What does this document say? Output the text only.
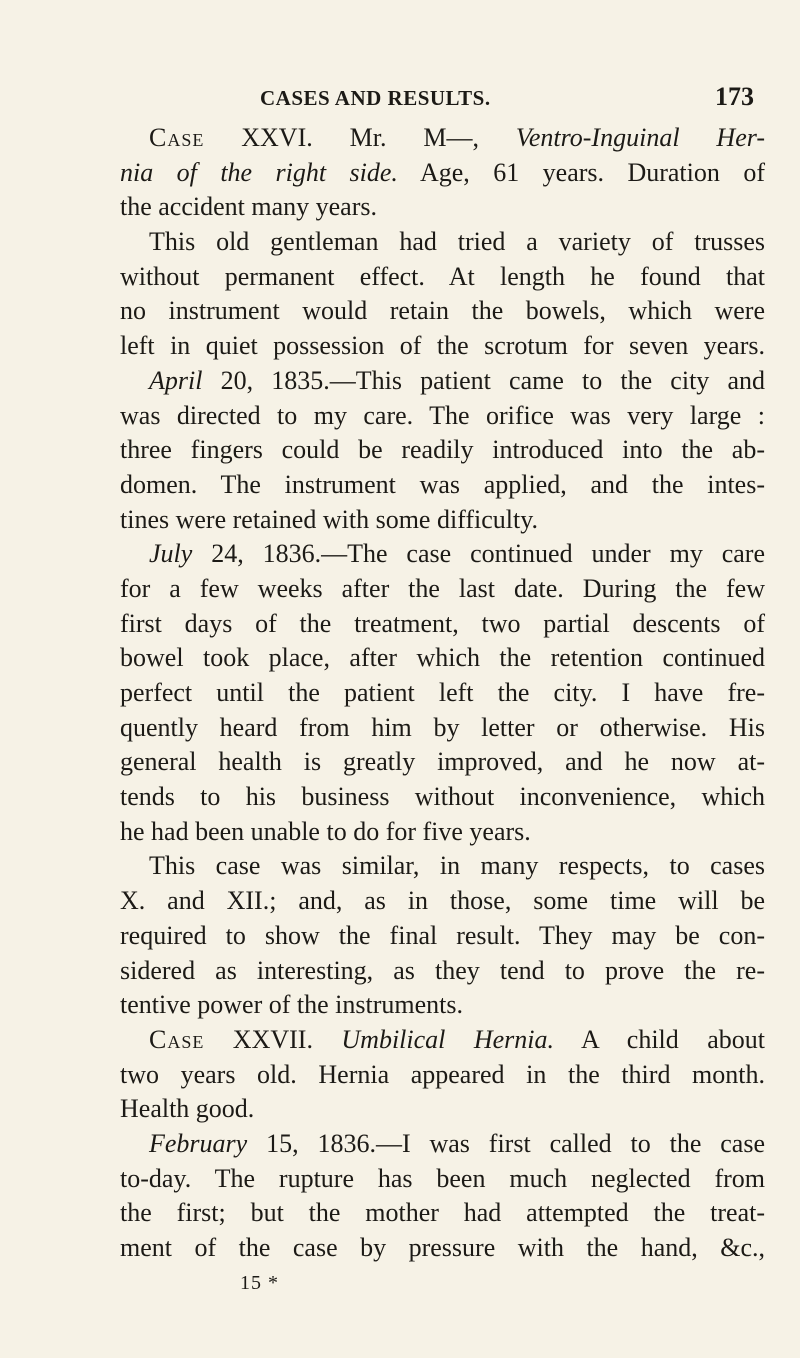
CASES AND RESULTS.	173
Case XXVI. Mr. M—, Ventro-Inguinal Her-
nia of the right side. Age, 61 years. Duration of
the accident many years.
This old gentleman had tried a variety of trusses
without permanent effect. At length he found that
no instrument would retain the bowels, which were
left in quiet possession of the scrotum for seven years.
April 20, 1835.—This patient came to the city and
was directed to my care. The orifice was very large :
three fingers could be readily introduced into the ab-
domen. The instrument was applied, and the intes-
tines were retained with some difficulty.
July 24, 1836.—The case continued under my care
for a few weeks after the last date. During the few
first days of the treatment, two partial descents of
bowel took place, after which the retention continued
perfect until the patient left the city. I have fre-
quently heard from him by letter or otherwise. His
general health is greatly improved, and he now at-
tends to his business without inconvenience, which
he had been unable to do for five years.
This case was similar, in many respects, to cases
X. and XII.; and, as in those, some time will be
required to show the final result. They may be con-
sidered as interesting, as they tend to prove the re-
tentive power of the instruments.
Case XXVII. Umbilical Hernia. A child about
two years old. Hernia appeared in the third month.
Health good.
February 15, 1836.—I was first called to the case
to-day. The rupture has been much neglected from
the first; but the mother had attempted the treat-
ment of the case by pressure with the hand, &c.,
15 *
